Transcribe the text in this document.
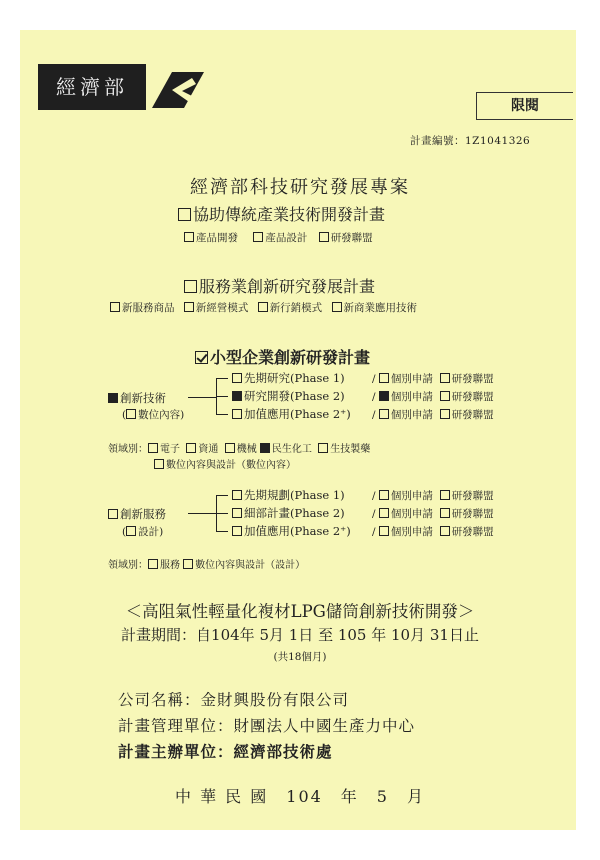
經濟部
限閱
計畫編號：1Z1041326
經濟部科技研究發展專案
協助傳統產業技術開發計畫
產品開發	產品設計 研發聯盟
服務業創新研究發展計畫
新服務商品 新經營模式 新行銷模式 新商業應用技術
小型企業創新研發計畫
創新技術
( 數位內容)
先期研究(Phase 1)
研究開發(Phase 2)
加值應用(Phase 2⁺)
/ 個別申請 研發聯盟
/ 個別申請 研發聯盟
/ 個別申請 研發聯盟
領域別： 電子 資通 機械 民生化工 生技製藥
數位內容與設計（數位內容）
創新服務
( 設計)
先期規劃(Phase 1)
細部計畫(Phase 2)
加值應用(Phase 2⁺)
/ 個別申請 研發聯盟
/ 個別申請 研發聯盟
/ 個別申請 研發聯盟
領域別： 服務 數位內容與設計（設計）
＜高阻氣性輕量化複材LPG儲筒創新技術開發＞
計畫期間：自104年 5月 1日 至 105 年 10月 31日止
(共18個月)
公司名稱：金財興股份有限公司
計畫管理單位：財團法人中國生產力中心
計畫主辦單位：經濟部技術處
中 華 民 國　104　年　5　月
